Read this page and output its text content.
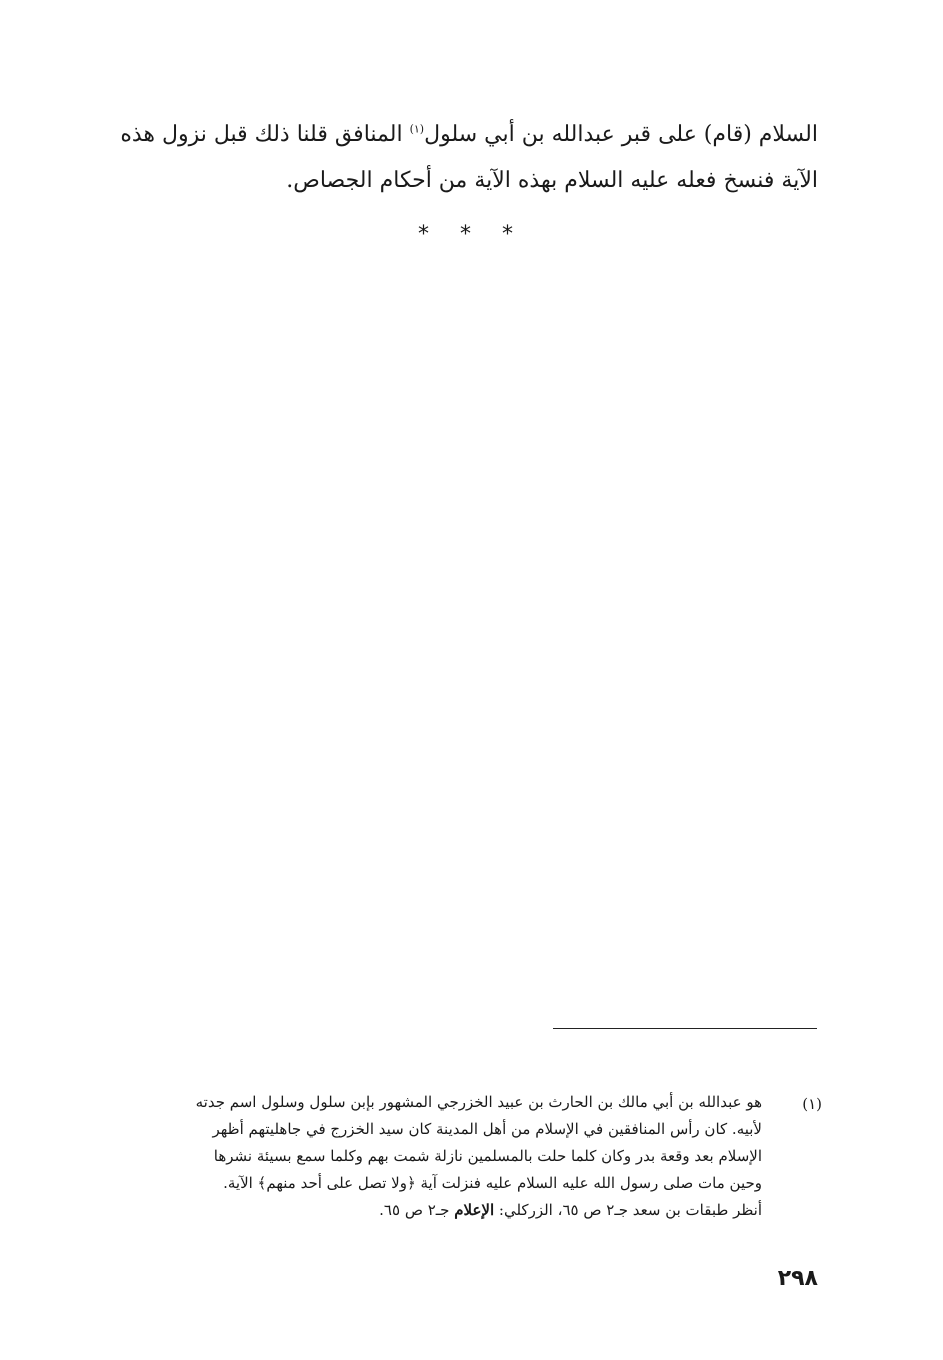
السلام (قام) على قبر عبدالله بن أبي سلول$^{(١)}$ المنافق قلنا ذلك قبل نزول هذه

الآية فنسخ فعله عليه السلام بهذه الآية من أحكام الجصاص.

* * *
(١)

هو عبدالله بن أبي مالك بن الحارث بن عبيد الخزرجي المشهور بإبن سلول وسلول اسم جدته

لأبيه. كان رأس المنافقين في الإسلام من أهل المدينة كان سيد الخزرج في جاهليتهم أظهر

الإسلام بعد وقعة بدر وكان كلما حلت بالمسلمين نازلة شمت بهم وكلما سمع بسيئة نشرها

وحين مات صلى رسول الله عليه السلام عليه فنزلت آية ﴿ولا تصل على أحد منهم﴾ الآية.

أنظر طبقات بن سعد جـ٢ ص ٦٥، الزركلي: الإعلام جـ٢ ص ٦٥.

٢٩٨
